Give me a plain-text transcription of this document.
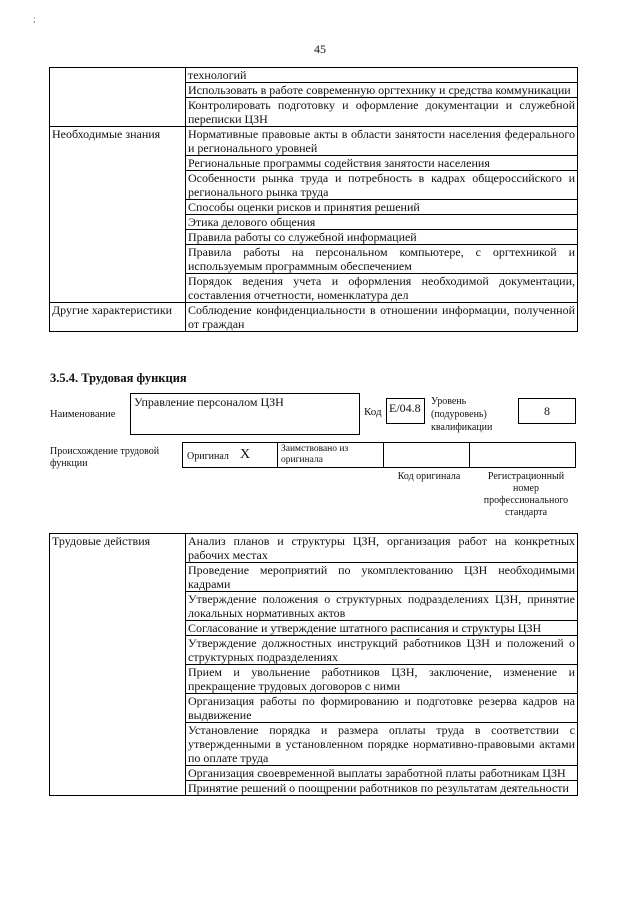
;
45
	технологий
	Использовать в работе современную оргтехнику и средства коммуникации
	Контролировать подготовку и оформление документации и служебной переписки ЦЗН
Необходимые знания	Нормативные правовые акты в области занятости населения федерального и регионального уровней
	Региональные программы содействия занятости населения
	Особенности рынка труда и потребность в кадрах общероссийского и регионального рынка труда
	Способы оценки рисков и принятия решений
	Этика делового общения
	Правила работы со служебной информацией
	Правила работы на персональном компьютере, с оргтехникой и используемым программным обеспечением
	Порядок ведения учета и оформления необходимой документации, составления отчетности, номенклатура дел
Другие характеристики	Соблюдение конфиденциальности в отношении информации, полученной от граждан
3.5.4. Трудовая функция
Наименование
Управление персоналом ЦЗН
Код E/04.8	Уровень (подуровень) квалификации
8
Происхождение трудовой функции
Оригинал X	Заимствовано из оригинала
Код оригинала	Регистрационный номер профессионального стандарта
Трудовые действия	Анализ планов и структуры ЦЗН, организация работ на конкретных рабочих местах
Проведение мероприятий по укомплектованию ЦЗН необходимыми кадрами
Утверждение положения о структурных подразделениях ЦЗН, принятие локальных нормативных актов
Согласование и утверждение штатного расписания и структуры ЦЗН
Утверждение должностных инструкций работников ЦЗН и положений о структурных подразделениях
Прием и увольнение работников ЦЗН, заключение, изменение и прекращение трудовых договоров с ними
Организация работы по формированию и подготовке резерва кадров на выдвижение
Установление порядка и размера оплаты труда в соответствии с утвержденными в установленном порядке нормативно-правовыми актами по оплате труда
Организация своевременной выплаты заработной платы работникам ЦЗН
Принятие решений о поощрении работников по результатам деятельности
